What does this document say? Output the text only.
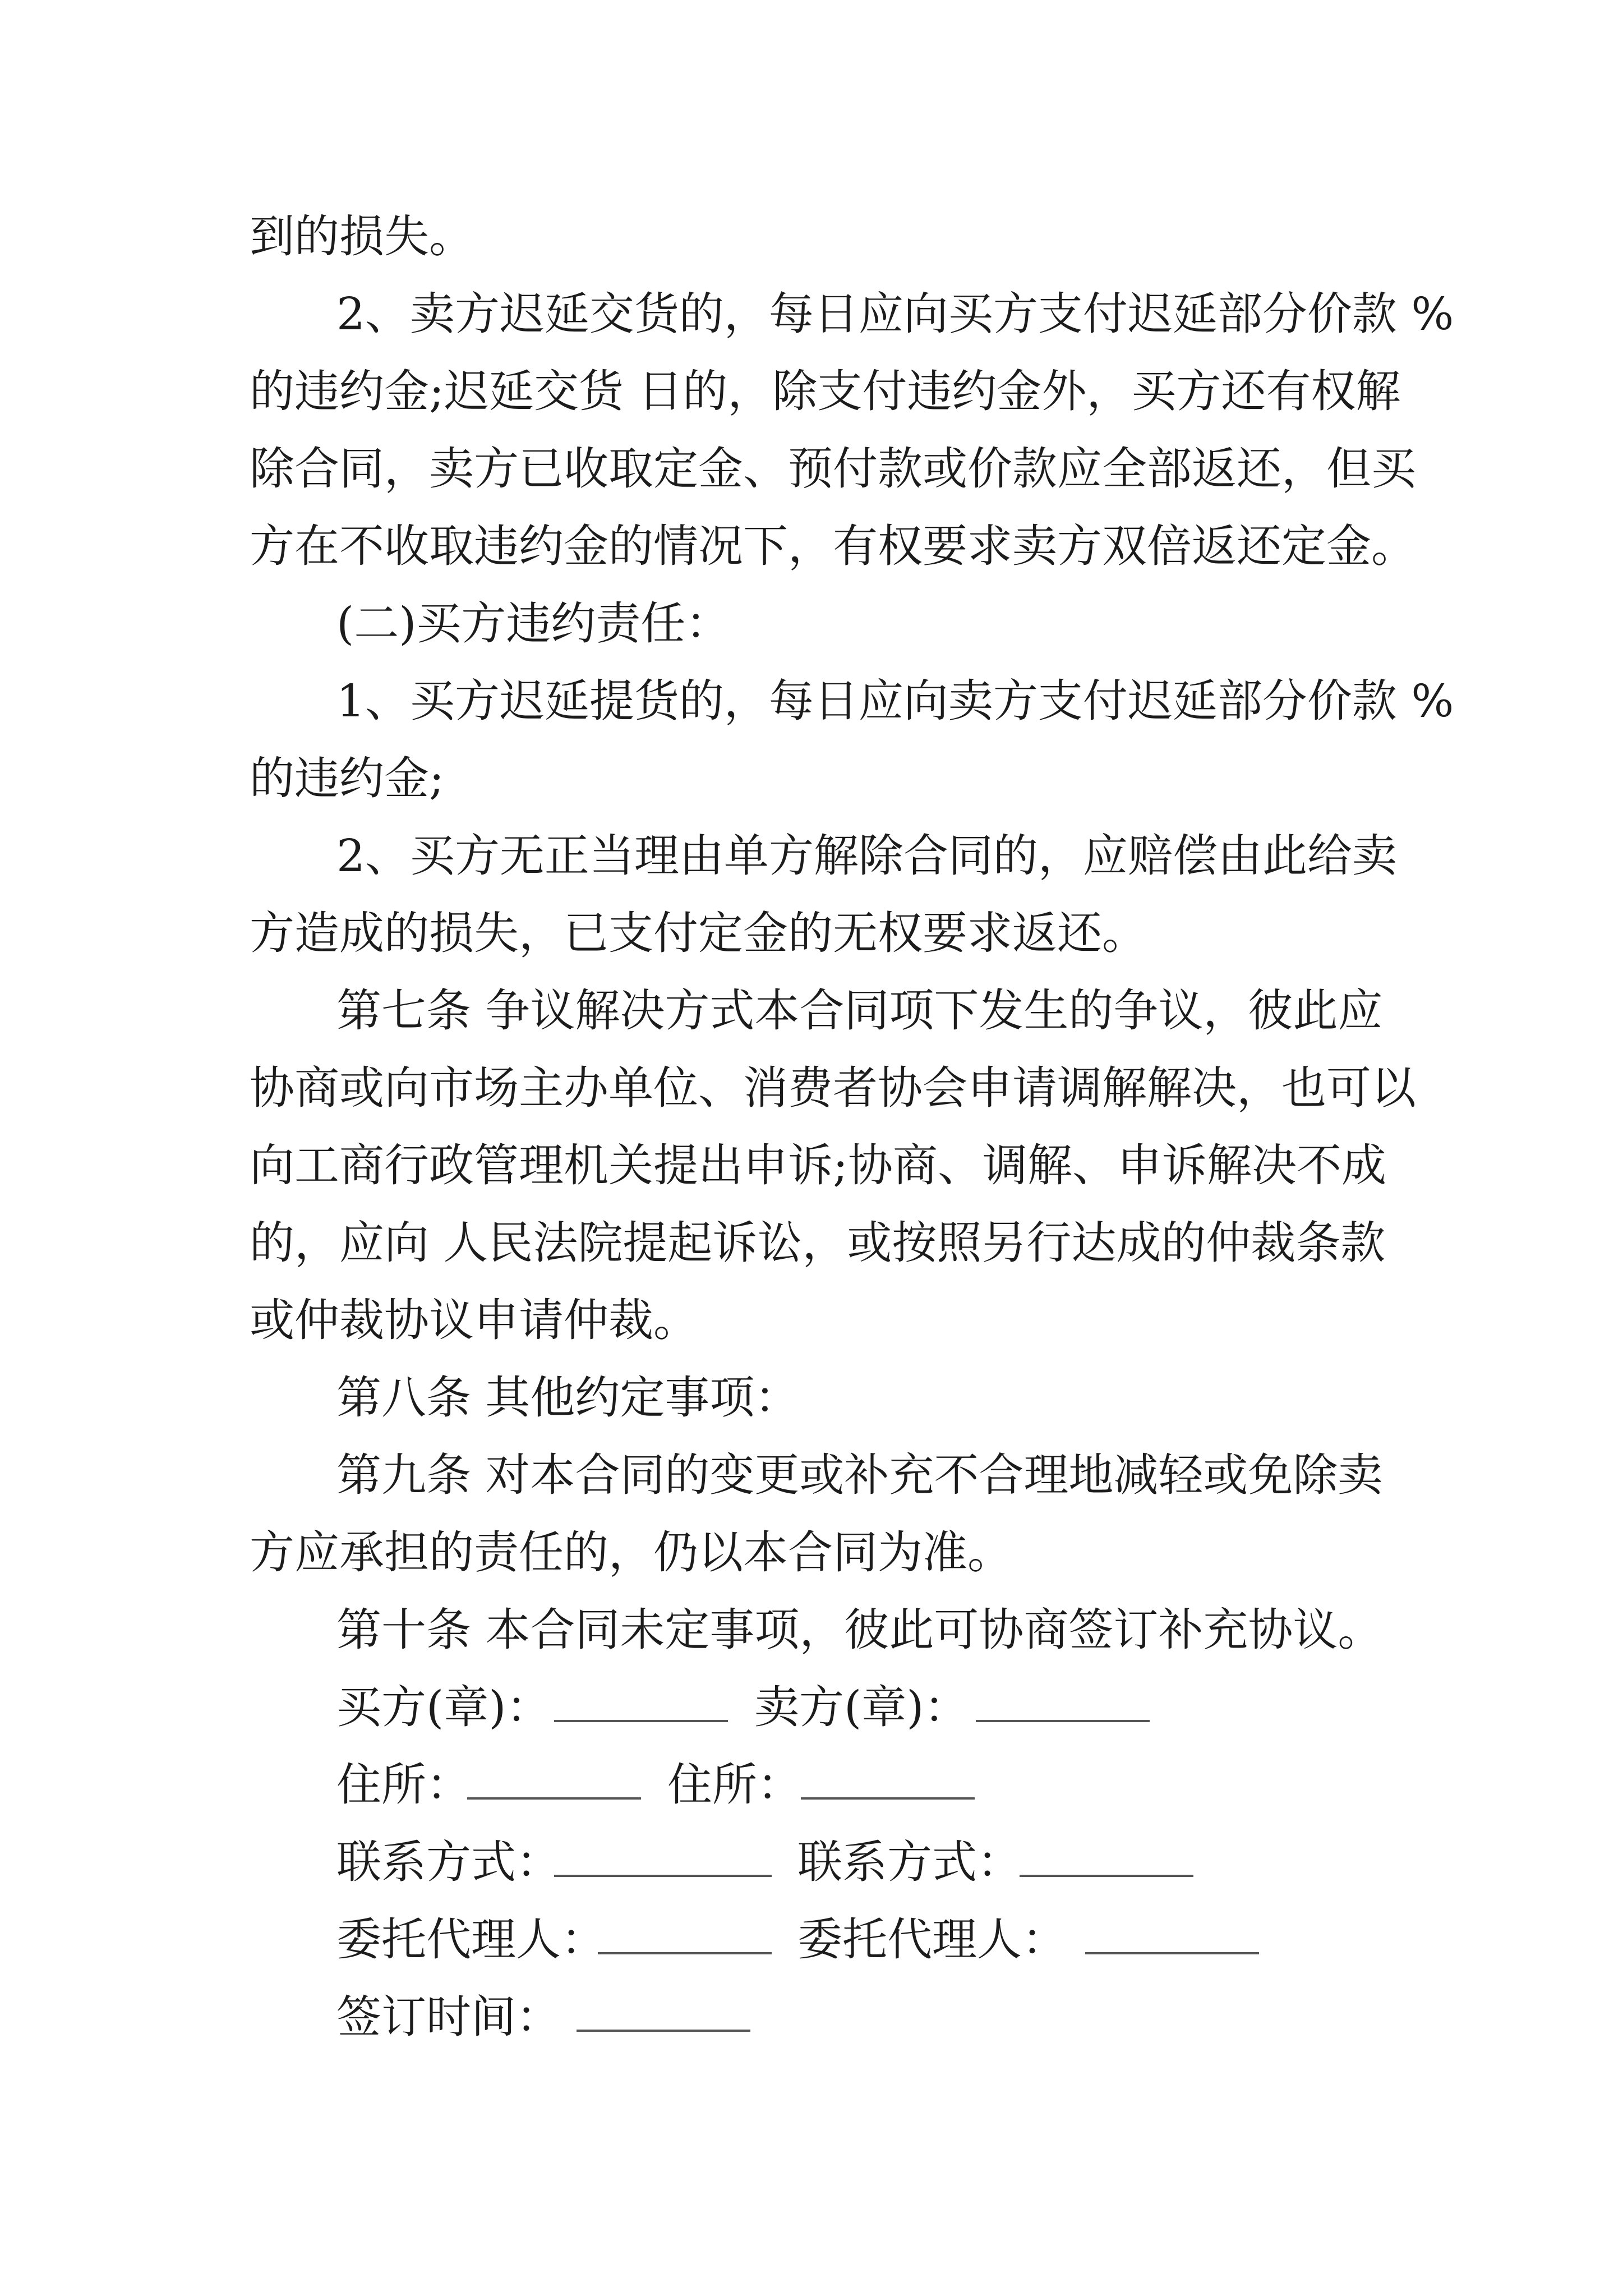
到的损失。

2、卖方迟延交货的，每日应向买方支付迟延部分价款 %

的违约金;迟延交货 日的，除支付违约金外，买方还有权解

除合同，卖方已收取定金、预付款或价款应全部返还，但买

方在不收取违约金的情况下，有权要求卖方双倍返还定金。

(二)买方违约责任：

1、买方迟延提货的，每日应向卖方支付迟延部分价款 %

的违约金;

2、买方无正当理由单方解除合同的，应赔偿由此给卖

方造成的损失，已支付定金的无权要求返还。

第七条 争议解决方式本合同项下发生的争议，彼此应

协商或向市场主办单位、消费者协会申请调解解决，也可以

向工商行政管理机关提出申诉;协商、调解、申诉解决不成

的，应向 人民法院提起诉讼，或按照另行达成的仲裁条款

或仲裁协议申请仲裁。

第八条 其他约定事项：

第九条 对本合同的变更或补充不合理地减轻或免除卖

方应承担的责任的，仍以本合同为准。

第十条 本合同未定事项，彼此可协商签订补充协议。

买方(章)：	卖方(章)：
住所：	住所：
联系方式：	联系方式：
委托代理人：	委托代理人：
签订时间：
